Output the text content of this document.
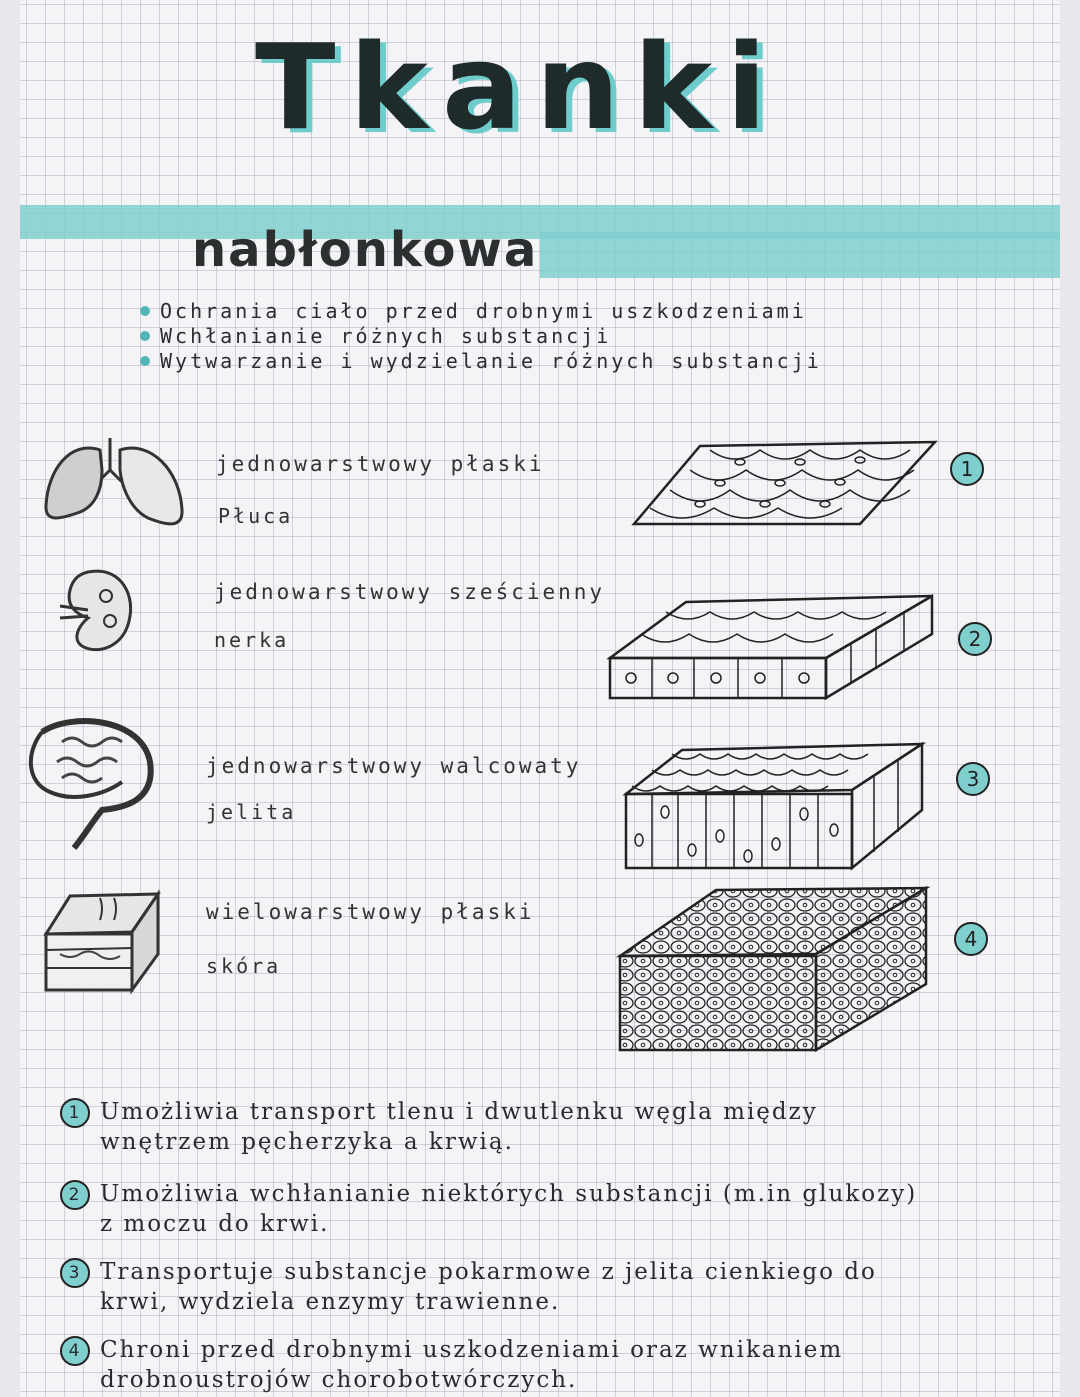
Tkanki
nabłonkowa
Ochrania ciało przed drobnymi uszkodzeniami
Wchłanianie różnych substancji
Wytwarzanie i wydzielanie różnych substancji
jednowarstwowy płaski
Płuca
1
jednowarstwowy sześcienny
nerka	2
jednowarstwowy walcowaty
jelita
3
wielowarstwowy płaski
skóra
4
1 Umożliwia transport tlenu i dwutlenku węgla między
wnętrzem pęcherzyka a krwią.
2 Umożliwia wchłanianie niektórych substancji (m.in glukozy)
z moczu do krwi.
3 Transportuje substancje pokarmowe z jelita cienkiego do
krwi, wydziela enzymy trawienne.
4 Chroni przed drobnymi uszkodzeniami oraz wnikaniem
drobnoustrojów chorobotwórczych.
